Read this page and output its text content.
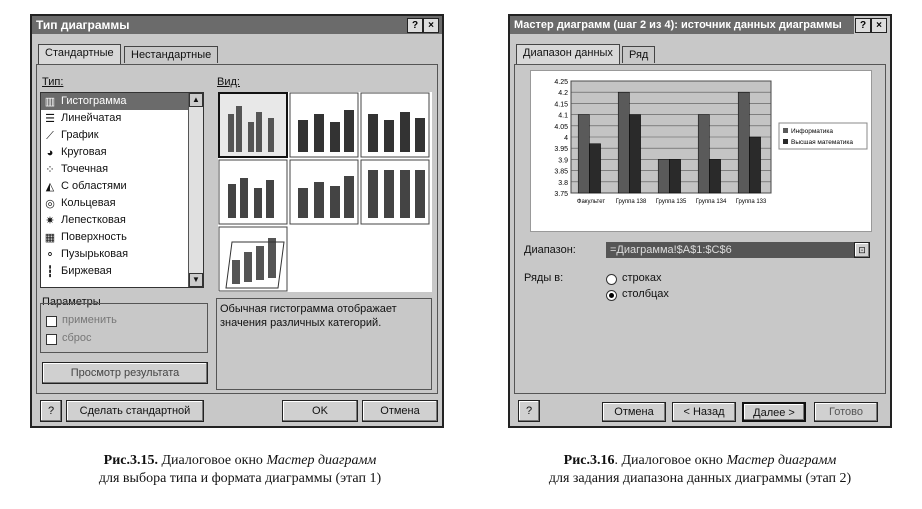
Тип диаграммы	?	×
Стандартные	Нестандартные
Тип:	Вид:
▥ Гистограмма
☰ Линейчатая
⟋ График
◕ Круговая
⁘ Точечная
◭ С областями
◎ Кольцевая
✷ Лепестковая
▦ Поверхность
⚬ Пузырьковая
┇ Биржевая
▲
▼
Параметры
применить
сброс
Обычная гистограмма отображает значения различных категорий.
Просмотр результата
?	Сделать стандартной	OK	Отмена
Мастер диаграмм (шаг 2 из 4): источник данных диаграммы	?	×
Диапазон данных	Ряд
4.25
4.2
4.15
4.1
4.05
4
3.95
3.9
3.85
3.8
3.75
Факультет Группа 138 Группа 135 Группа 134 Группа 133
Информатика
Высшая математика
Диапазон:	=Диаграмма!$A$1:$C$6	⊡
Ряды в:	строках
столбцах
?	Отмена	< Назад	Далее >	Готово
Рис.3.15. Диалоговое окно Мастер диаграмм
для выбора типа и формата диаграммы (этап 1)
Рис.3.16. Диалоговое окно Мастер диаграмм
для задания диапазона данных диаграммы (этап 2)
